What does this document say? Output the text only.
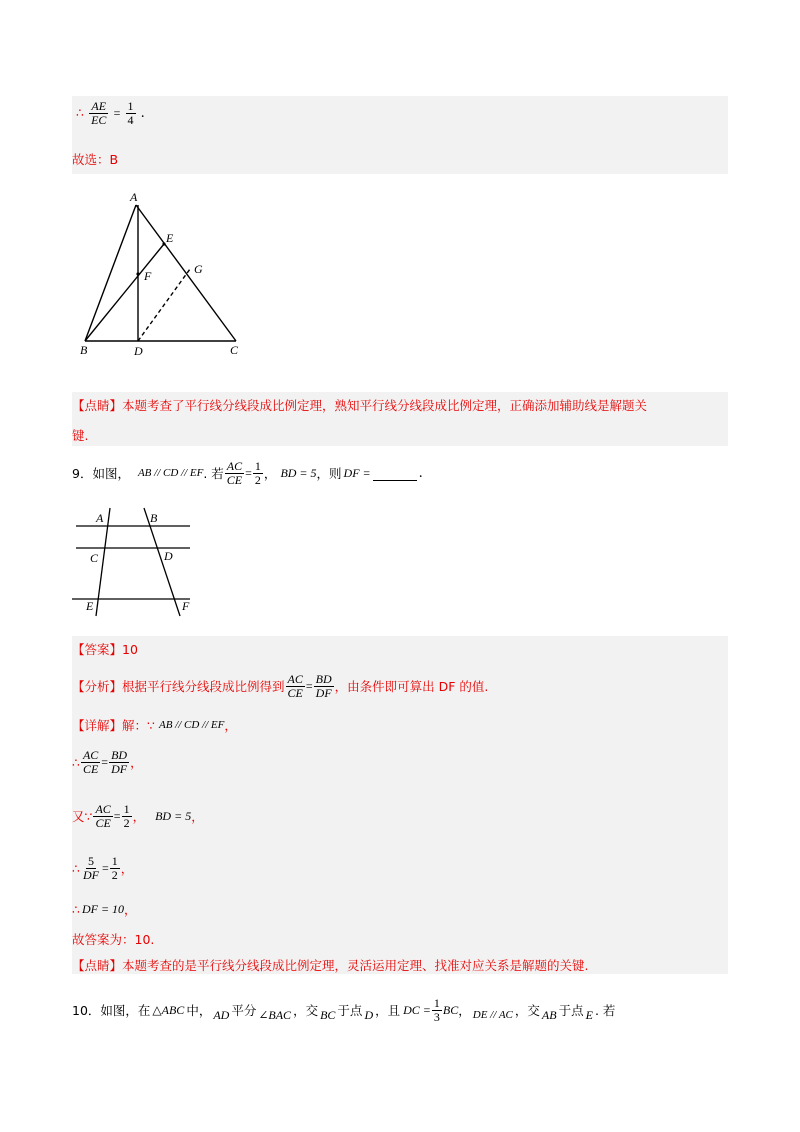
∴ $\frac{AE}{EC} = \frac{1}{4}$ .
故选：B
A
E
F	G
B	D	C
【点睛】本题考查了平行线分线段成比例定理，熟知平行线分线段成比例定理，正确添加辅助线是解题关
键.
9．如图， AB // CD // EF . 若 $\frac{AC}{CE} = \frac{1}{2}$ ， BD = 5 ，则 DF =	.
A	B
C	D
E	F
【答案】10
【分析】 根据平行线分线段成比例得到 $\frac{AC}{CE} = \frac{BD}{DF}$ ，由条件即可算出 DF 的值.
【详解】 解：∵ AB // CD // EF ，
∴ $\frac{AC}{CE} = \frac{BD}{DF}$ ，
又∵ $\frac{AC}{CE} = \frac{1}{2}$ ， BD = 5 ，
∴ $\frac{5}{DF} = \frac{1}{2}$ ，
∴ DF = 10 ，
故答案为：10.
【点睛】本题考查的是平行线分线段成比例定理，灵活运用定理、找准对应关系是解题的关键.
10．如图，在 △ABC 中， AD 平分 ∠BAC ，交 BC 于点 D ，且 DC = $\frac{1}{3}$ BC ， DE // AC ，交 AB 于点 E . 若
